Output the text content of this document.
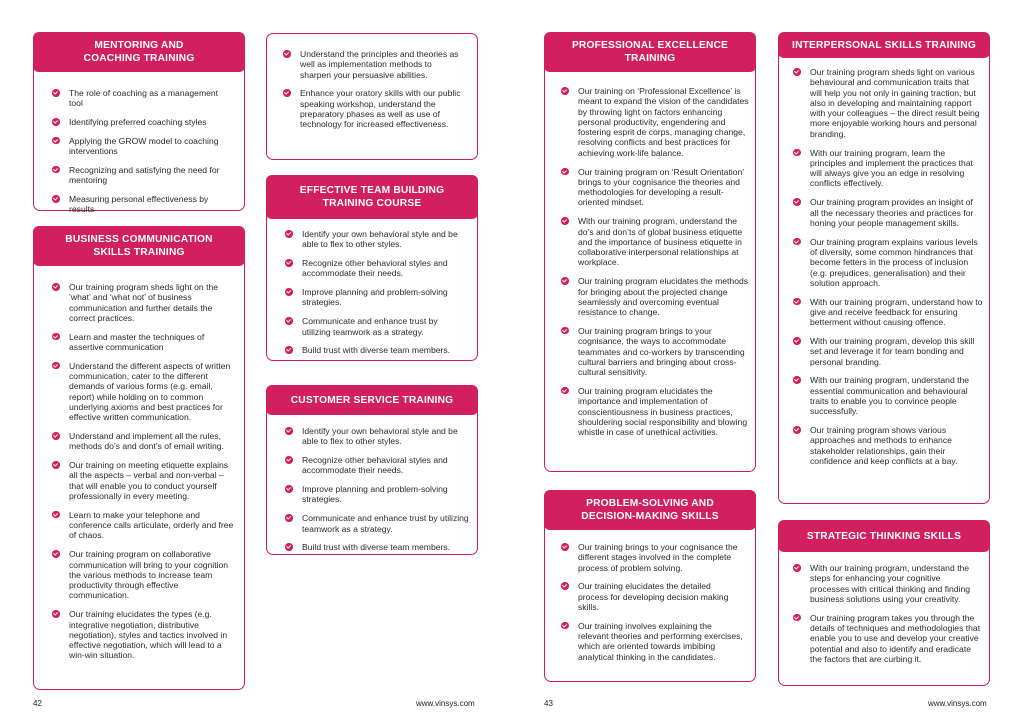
MENTORING AND
COACHING TRAINING
The role of coaching as a management tool
Identifying preferred coaching styles
Applying the GROW model to coaching interventions
Recognizing and satisfying the need for mentoring
Measuring personal effectiveness by results
BUSINESS COMMUNICATION
SKILLS TRAINING
Our training program sheds light on the ‘what’ and ‘what not’ of business communication and further details the correct practices.
Learn and master the techniques of assertive communication
Understand the different aspects of written communication, cater to the different demands of various forms (e.g. email, report) while holding on to common underlying axioms and best practices for effective written communication.
Understand and implement all the rules, methods do’s and dont’s of email writing.
Our training on meeting etiquette explains all the aspects – verbal and non-verbal – that will enable you to conduct yourself professionally in every meeting.
Learn to make your telephone and conference calls articulate, orderly and free of chaos.
Our training program on collaborative communication will bring to your cognition the various methods to increase team productivity through effective communication.
Our training elucidates the types (e.g. integrative negotiation, distributive negotiation), styles and tactics involved in effective negotiation, which will lead to a win-win situation.
Understand the principles and theories as well as implementation methods to sharpen your persuasive abilities.
Enhance your oratory skills with our public speaking workshop, understand the preparatory phases as well as use of technology for increased effectiveness.
EFFECTIVE TEAM BUILDING
TRAINING COURSE
Identify your own behavioral style and be able to flex to other styles.
Recognize other behavioral styles and accommodate their needs.
Improve planning and problem-solving strategies.
Communicate and enhance trust by utilizing teamwork as a strategy.
Build trust with diverse team members.
CUSTOMER SERVICE TRAINING
Identify your own behavioral style and be able to flex to other styles.
Recognize other behavioral styles and accommodate their needs.
Improve planning and problem-solving strategies.
Communicate and enhance trust by utilizing teamwork as a strategy.
Build trust with diverse team members.
PROFESSIONAL EXCELLENCE
TRAINING
Our training on ‘Professional Excellence’ is meant to expand the vision of the candidates by throwing light on factors enhancing personal productivity, engendering and fostering esprit de corps, managing change, resolving conflicts and best practices for achieving work-life balance.
Our training program on ‘Result Orientation’ brings to your cognisance the theories and methodologies for developing a result-oriented mindset.
With our training program, understand the do’s and don’ts of global business etiquette and the importance of business etiquette in collaborative interpersonal relationships at workplace.
Our training program elucidates the methods for bringing about the projected change seamlessly and overcoming eventual resistance to change.
Our training program brings to your cognisance, the ways to accommodate teammates and co-workers by transcending cultural barriers and bringing about cross-cultural sensitivity.
Our training program elucidates the importance and implementation of conscientiousness in business practices, shouldering social responsibility and blowing whistle in case of unethical activities.
PROBLEM-SOLVING AND
DECISION-MAKING SKILLS
Our training brings to your cognisance the different stages involved in the complete process of problem solving.
Our training elucidates the detailed process for developing decision making skills.
Our training involves explaining the relevant theories and performing exercises, which are oriented towards imbibing analytical thinking in the candidates.
INTERPERSONAL SKILLS TRAINING
Our training program sheds light on various behavioural and communication traits that will help you not only in gaining traction, but also in developing and maintaining rapport with your colleagues – the direct result being more enjoyable working hours and personal branding.
With our training program, learn the principles and implement the practices that will always give you an edge in resolving conflicts effectively.
Our training program provides an insight of all the necessary theories and practices for honing your people management skills.
Our training program explains various levels of diversity, some common hindrances that become fetters in the process of inclusion (e.g. prejudices, generalisation) and their solution approach.
With our training program, understand how to give and receive feedback for ensuring betterment without causing offence.
With our training program, develop this skill set and leverage it for team bonding and personal branding.
With our training program, understand the essential communication and behavioural traits to enable you to convince people successfully.
Our training program shows various approaches and methods to enhance stakeholder relationships, gain their confidence and keep conflicts at a bay.
STRATEGIC THINKING SKILLS
With our training program, understand the steps for enhancing your cognitive processes with critical thinking and finding business solutions using your creativity.
Our training program takes you through the details of techniques and methodologies that enable you to use and develop your creative potential and also to identify and eradicate the factors that are curbing it.
42	www.vinsys.com	43	www.vinsys.com
